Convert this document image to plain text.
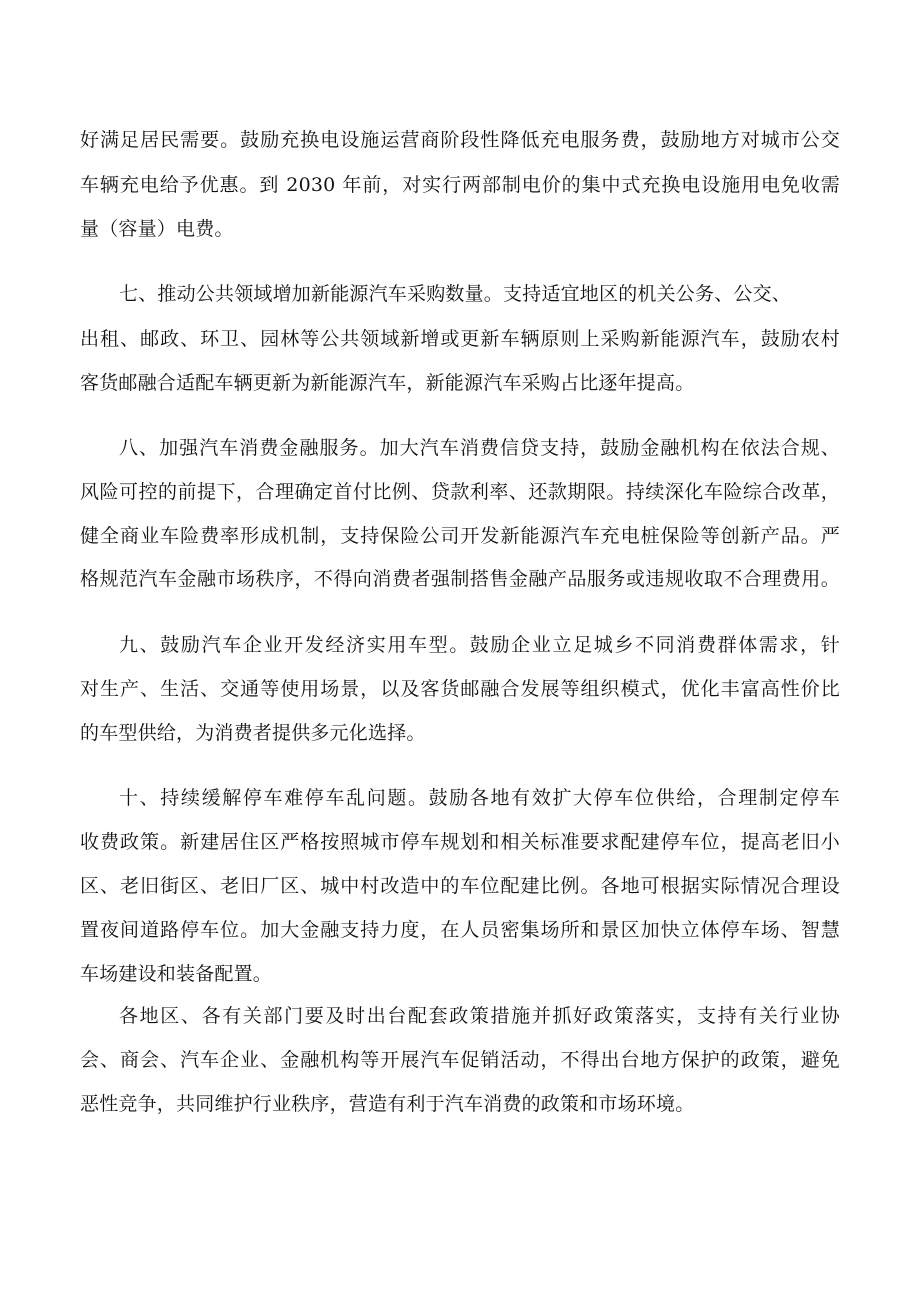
好满足居民需要。鼓励充换电设施运营商阶段性降低充电服务费，鼓励地方对城市公交
车辆充电给予优惠。到 2030 年前，对实行两部制电价的集中式充换电设施用电免收需
量（容量）电费。
七、推动公共领域增加新能源汽车采购数量。支持适宜地区的机关公务、公交、
出租、邮政、环卫、园林等公共领域新增或更新车辆原则上采购新能源汽车，鼓励农村
客货邮融合适配车辆更新为新能源汽车，新能源汽车采购占比逐年提高。
八、加强汽车消费金融服务。加大汽车消费信贷支持，鼓励金融机构在依法合规、
风险可控的前提下，合理确定首付比例、贷款利率、还款期限。持续深化车险综合改革，
健全商业车险费率形成机制，支持保险公司开发新能源汽车充电桩保险等创新产品。严
格规范汽车金融市场秩序，不得向消费者强制搭售金融产品服务或违规收取不合理费用。
九、鼓励汽车企业开发经济实用车型。鼓励企业立足城乡不同消费群体需求，针
对生产、生活、交通等使用场景，以及客货邮融合发展等组织模式，优化丰富高性价比
的车型供给，为消费者提供多元化选择。
十、持续缓解停车难停车乱问题。鼓励各地有效扩大停车位供给，合理制定停车
收费政策。新建居住区严格按照城市停车规划和相关标准要求配建停车位，提高老旧小
区、老旧街区、老旧厂区、城中村改造中的车位配建比例。各地可根据实际情况合理设
置夜间道路停车位。加大金融支持力度，在人员密集场所和景区加快立体停车场、智慧
车场建设和装备配置。
各地区、各有关部门要及时出台配套政策措施并抓好政策落实，支持有关行业协
会、商会、汽车企业、金融机构等开展汽车促销活动，不得出台地方保护的政策，避免
恶性竞争，共同维护行业秩序，营造有利于汽车消费的政策和市场环境。
